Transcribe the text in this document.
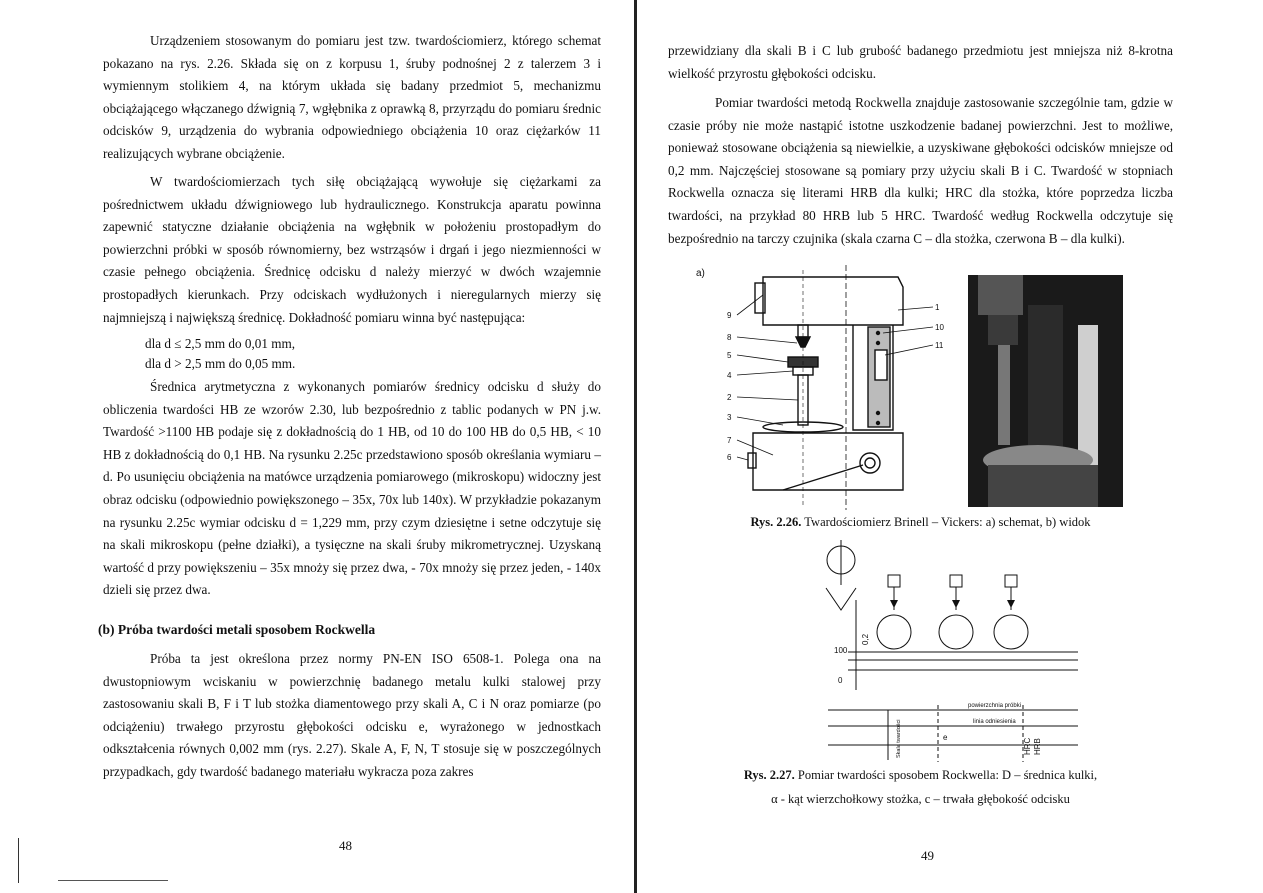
Urządzeniem stosowanym do pomiaru jest tzw. twardościomierz, którego schemat pokazano na rys. 2.26. Składa się on z korpusu 1, śruby podnośnej 2 z talerzem 3 i wymiennym stolikiem 4, na którym układa się badany przedmiot 5, mechanizmu obciążającego włączanego dźwignią 7, wgłębnika z oprawką 8, przyrządu do pomiaru średnic odcisków 9, urządzenia do wybrania odpowiedniego obciążenia 10 oraz ciężarków 11 realizujących wybrane obciążenie.

W twardościomierzach tych siłę obciążającą wywołuje się ciężarkami za pośrednictwem układu dźwigniowego lub hydraulicznego. Konstrukcja aparatu powinna zapewnić statyczne działanie obciążenia na wgłębnik w położeniu prostopadłym do powierzchni próbki w sposób równomierny, bez wstrząsów i drgań i jego niezmienności w czasie pełnego obciążenia. Średnicę odcisku d należy mierzyć w dwóch wzajemnie prostopadłych kierunkach. Przy odciskach wydłużonych i nieregularnych mierzy się najmniejszą i największą średnicę. Dokładność pomiaru winna być następująca:

dla d ≤ 2,5 mm do 0,01 mm,
dla d > 2,5 mm do 0,05 mm.

Średnica arytmetyczna z wykonanych pomiarów średnicy odcisku d służy do obliczenia twardości HB ze wzorów 2.30, lub bezpośrednio z tablic podanych w PN j.w. Twardość >1100 HB podaje się z dokładnością do 1 HB, od 10 do 100 HB do 0,5 HB, < 10 HB z dokładnością do 0,1 HB. Na rysunku 2.25c przedstawiono sposób określania wymiaru – d. Po usunięciu obciążenia na matówce urządzenia pomiarowego (mikroskopu) widoczny jest obraz odcisku (odpowiednio powiększonego – 35x, 70x lub 140x). W przykładzie pokazanym na rysunku 2.25c wymiar odcisku d = 1,229 mm, przy czym dziesiętne i setne odczytuje się na skali mikroskopu (pełne działki), a tysięczne na skali śruby mikrometrycznej. Uzyskaną wartość d przy powiększeniu – 35x mnoży się przez dwa, - 70x mnoży się przez jeden, - 140x dzieli się przez dwa.

(b) Próba twardości metali sposobem Rockwella

Próba ta jest określona przez normy PN-EN ISO 6508-1. Polega ona na dwustopniowym wciskaniu w powierzchnię badanego metalu kulki stalowej przy zastosowaniu skali B, F i T lub stożka diamentowego przy skali A, C i N oraz pomiarze (po odciążeniu) trwałego przyrostu głębokości odcisku e, wyrażonego w jednostkach odkształcenia równych 0,002 mm (rys. 2.27). Skale A, F, N, T stosuje się w poszczególnych przypadkach, gdy twardość badanego materiału wykracza poza zakres

48

przewidziany dla skali B i C lub grubość badanego przedmiotu jest mniejsza niż 8-krotna wielkość przyrostu głębokości odcisku.

Pomiar twardości metodą Rockwella znajduje zastosowanie szczególnie tam, gdzie w czasie próby nie może nastąpić istotne uszkodzenie badanej powierzchni. Jest to możliwe, ponieważ stosowane obciążenia są niewielkie, a uzyskiwane głębokości odcisków mniejsze od 0,2 mm. Najczęściej stosowane są pomiary przy użyciu skali B i C. Twardość w stopniach Rockwella oznacza się literami HRB dla kulki; HRC dla stożka, które poprzedza liczba twardości, na przykład 80 HRB lub 5 HRC. Twardość według Rockwella odczytuje się bezpośrednio na tarczy czujnika (skala czarna C – dla stożka, czerwona B – dla kulki).

a)
9
8
5
4
2
3
7
6
1
10
11
Rys. 2.26. Twardościomierz Brinell – Vickers: a) schemat, b) widok
100
0
0,2
powierzchnia próbki
linia odniesienia
Skala twardości	HRC HRB
e
Rys. 2.27. Pomiar twardości sposobem Rockwella: D – średnica kulki,
α - kąt wierzchołkowy stożka, c – trwała głębokość odcisku
49
